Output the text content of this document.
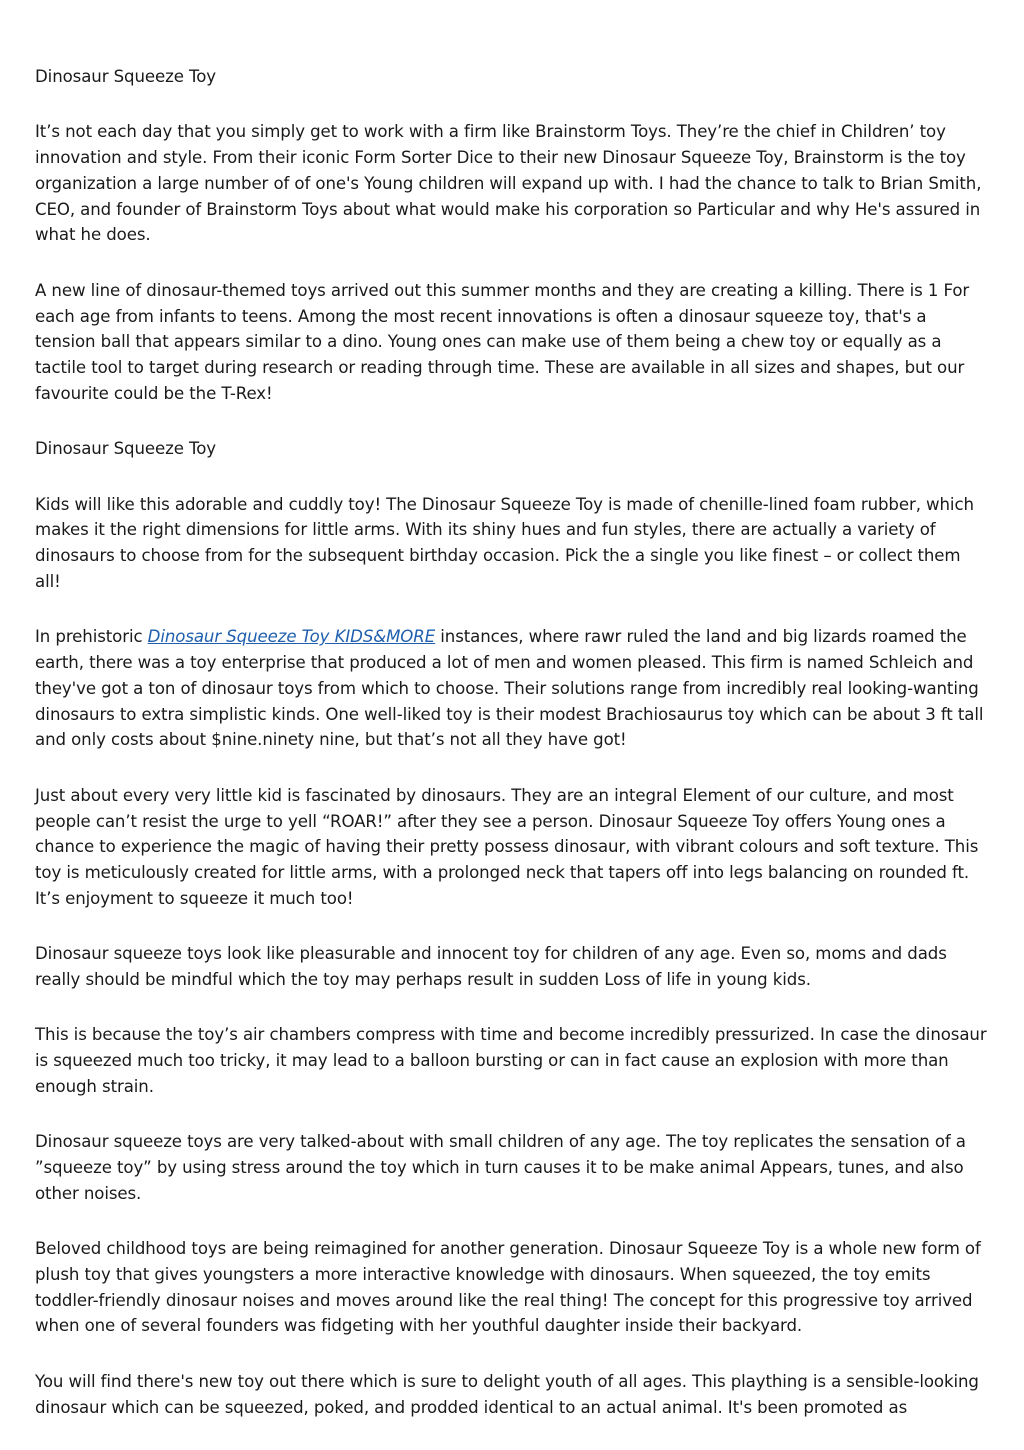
Dinosaur Squeeze Toy

It’s not each day that you simply get to work with a firm like Brainstorm Toys. They’re the chief in Children’ toy innovation and style. From their iconic Form Sorter Dice to their new Dinosaur Squeeze Toy, Brainstorm is the toy organization a large number of of one's Young children will expand up with. I had the chance to talk to Brian Smith, CEO, and founder of Brainstorm Toys about what would make his corporation so Particular and why He's assured in what he does.

A new line of dinosaur-themed toys arrived out this summer months and they are creating a killing. There is 1 For each age from infants to teens. Among the most recent innovations is often a dinosaur squeeze toy, that's a tension ball that appears similar to a dino. Young ones can make use of them being a chew toy or equally as a tactile tool to target during research or reading through time. These are available in all sizes and shapes, but our favourite could be the T-Rex!

Dinosaur Squeeze Toy

Kids will like this adorable and cuddly toy! The Dinosaur Squeeze Toy is made of chenille-lined foam rubber, which makes it the right dimensions for little arms. With its shiny hues and fun styles, there are actually a variety of dinosaurs to choose from for the subsequent birthday occasion. Pick the a single you like finest – or collect them all!

In prehistoric Dinosaur Squeeze Toy KIDS&MORE instances, where rawr ruled the land and big lizards roamed the earth, there was a toy enterprise that produced a lot of men and women pleased. This firm is named Schleich and they've got a ton of dinosaur toys from which to choose. Their solutions range from incredibly real looking-wanting dinosaurs to extra simplistic kinds. One well-liked toy is their modest Brachiosaurus toy which can be about 3 ft tall and only costs about $nine.ninety nine, but that’s not all they have got!

Just about every very little kid is fascinated by dinosaurs. They are an integral Element of our culture, and most people can’t resist the urge to yell “ROAR!” after they see a person. Dinosaur Squeeze Toy offers Young ones a chance to experience the magic of having their pretty possess dinosaur, with vibrant colours and soft texture. This toy is meticulously created for little arms, with a prolonged neck that tapers off into legs balancing on rounded ft. It’s enjoyment to squeeze it much too!

Dinosaur squeeze toys look like pleasurable and innocent toy for children of any age. Even so, moms and dads really should be mindful which the toy may perhaps result in sudden Loss of life in young kids.

This is because the toy’s air chambers compress with time and become incredibly pressurized. In case the dinosaur is squeezed much too tricky, it may lead to a balloon bursting or can in fact cause an explosion with more than enough strain.

Dinosaur squeeze toys are very talked-about with small children of any age. The toy replicates the sensation of a ”squeeze toy” by using stress around the toy which in turn causes it to be make animal Appears, tunes, and also other noises.

Beloved childhood toys are being reimagined for another generation. Dinosaur Squeeze Toy is a whole new form of plush toy that gives youngsters a more interactive knowledge with dinosaurs. When squeezed, the toy emits toddler-friendly dinosaur noises and moves around like the real thing! The concept for this progressive toy arrived when one of several founders was fidgeting with her youthful daughter inside their backyard.

You will find there's new toy out there which is sure to delight youth of all ages. This plaything is a sensible-looking dinosaur which can be squeezed, poked, and prodded identical to an actual animal. It's been promoted as
